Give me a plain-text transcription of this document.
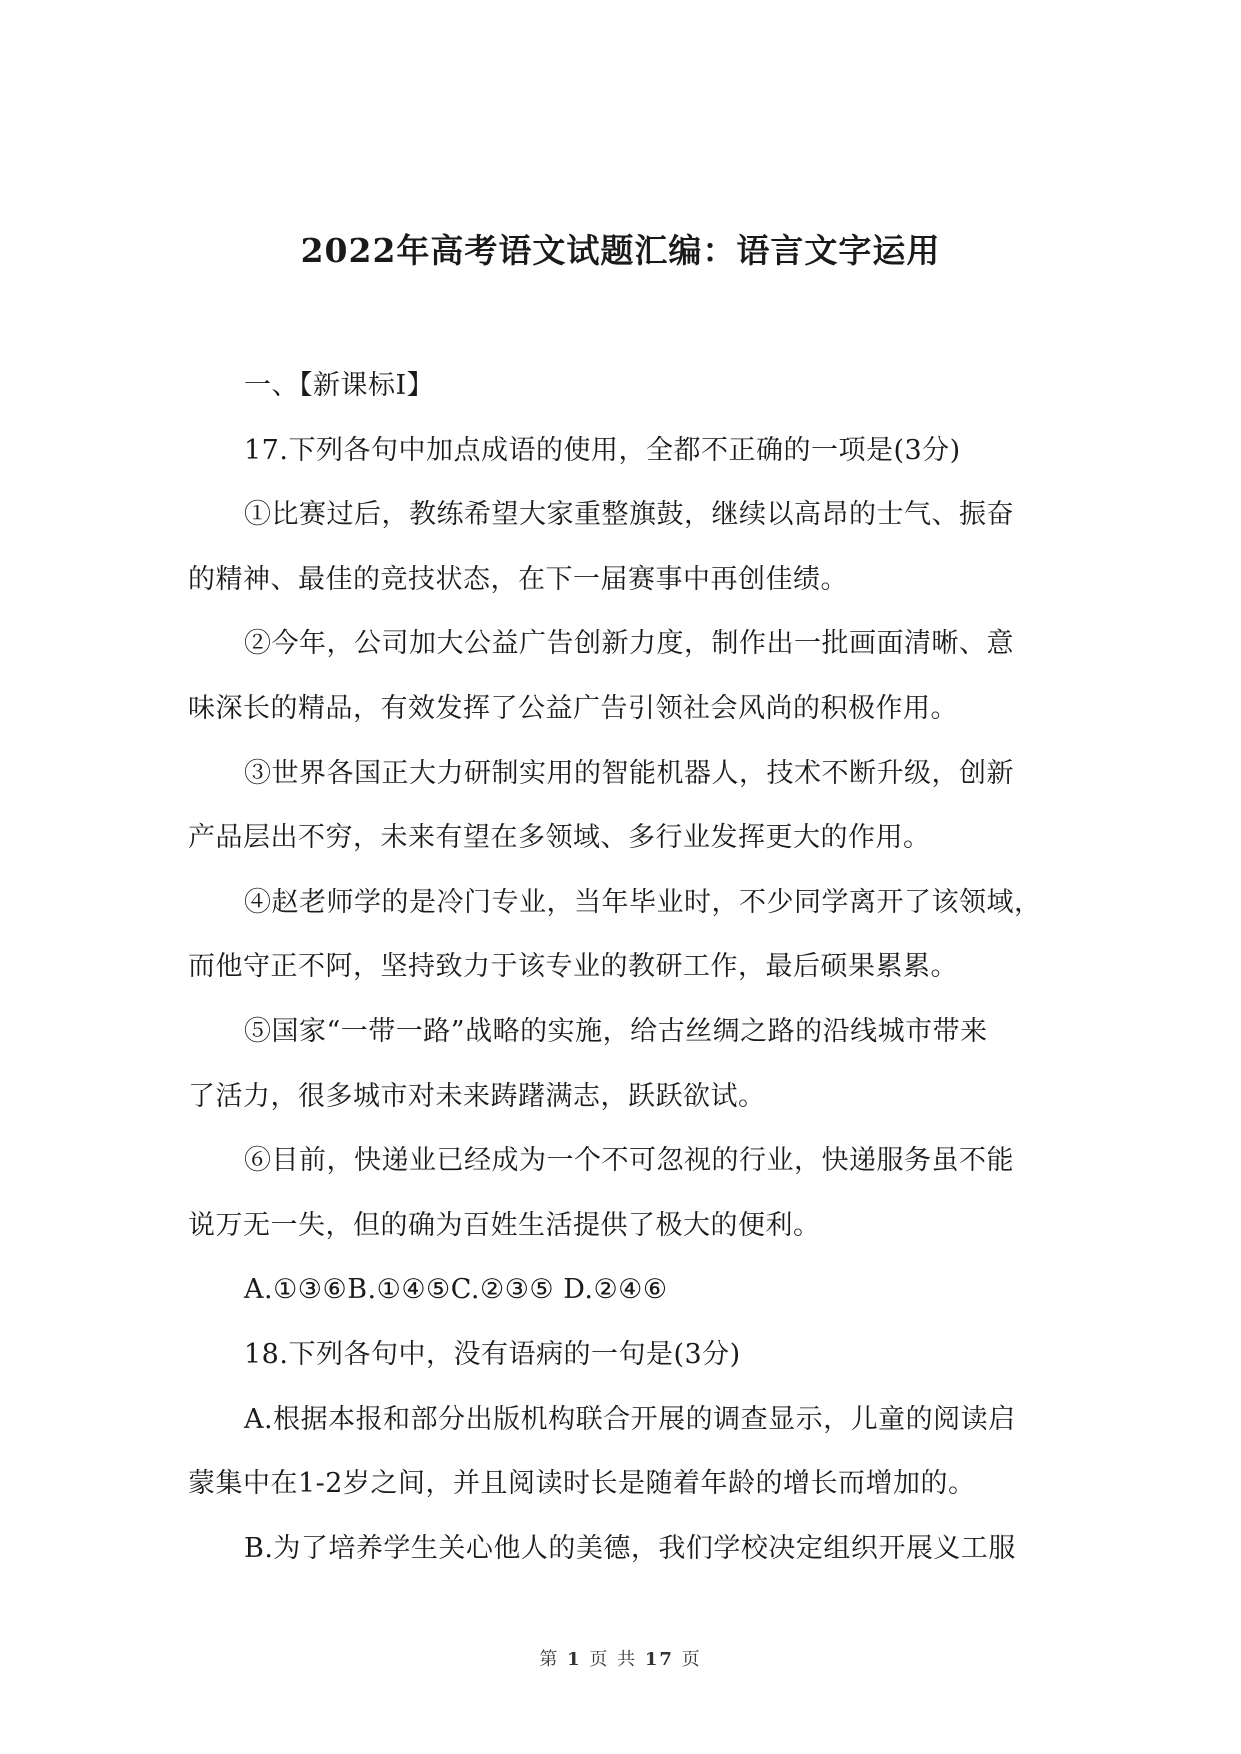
2022年高考语文试题汇编：语言文字运用
一、【新课标Ⅰ】
17.下列各句中加点成语的使用，全都不正确的一项是(3分)
①比赛过后，教练希望大家重整旗鼓，继续以高昂的士气、振奋
的精神、最佳的竞技状态，在下一届赛事中再创佳绩。
②今年，公司加大公益广告创新力度，制作出一批画面清晰、意
味深长的精品，有效发挥了公益广告引领社会风尚的积极作用。
③世界各国正大力研制实用的智能机器人，技术不断升级，创新
产品层出不穷，未来有望在多领域、多行业发挥更大的作用。
④赵老师学的是冷门专业，当年毕业时，不少同学离开了该领域，
而他守正不阿，坚持致力于该专业的教研工作，最后硕果累累。
⑤国家“一带一路”战略的实施，给古丝绸之路的沿线城市带来
了活力，很多城市对未来踌躇满志，跃跃欲试。
⑥目前，快递业已经成为一个不可忽视的行业，快递服务虽不能
说万无一失，但的确为百姓生活提供了极大的便利。
A.①③⑥B.①④⑤C.②③⑤ D.②④⑥
18.下列各句中，没有语病的一句是(3分)
A.根据本报和部分出版机构联合开展的调查显示，儿童的阅读启
蒙集中在1-2岁之间，并且阅读时长是随着年龄的增长而增加的。
B.为了培养学生关心他人的美德，我们学校决定组织开展义工服
第 1 页 共 17 页
